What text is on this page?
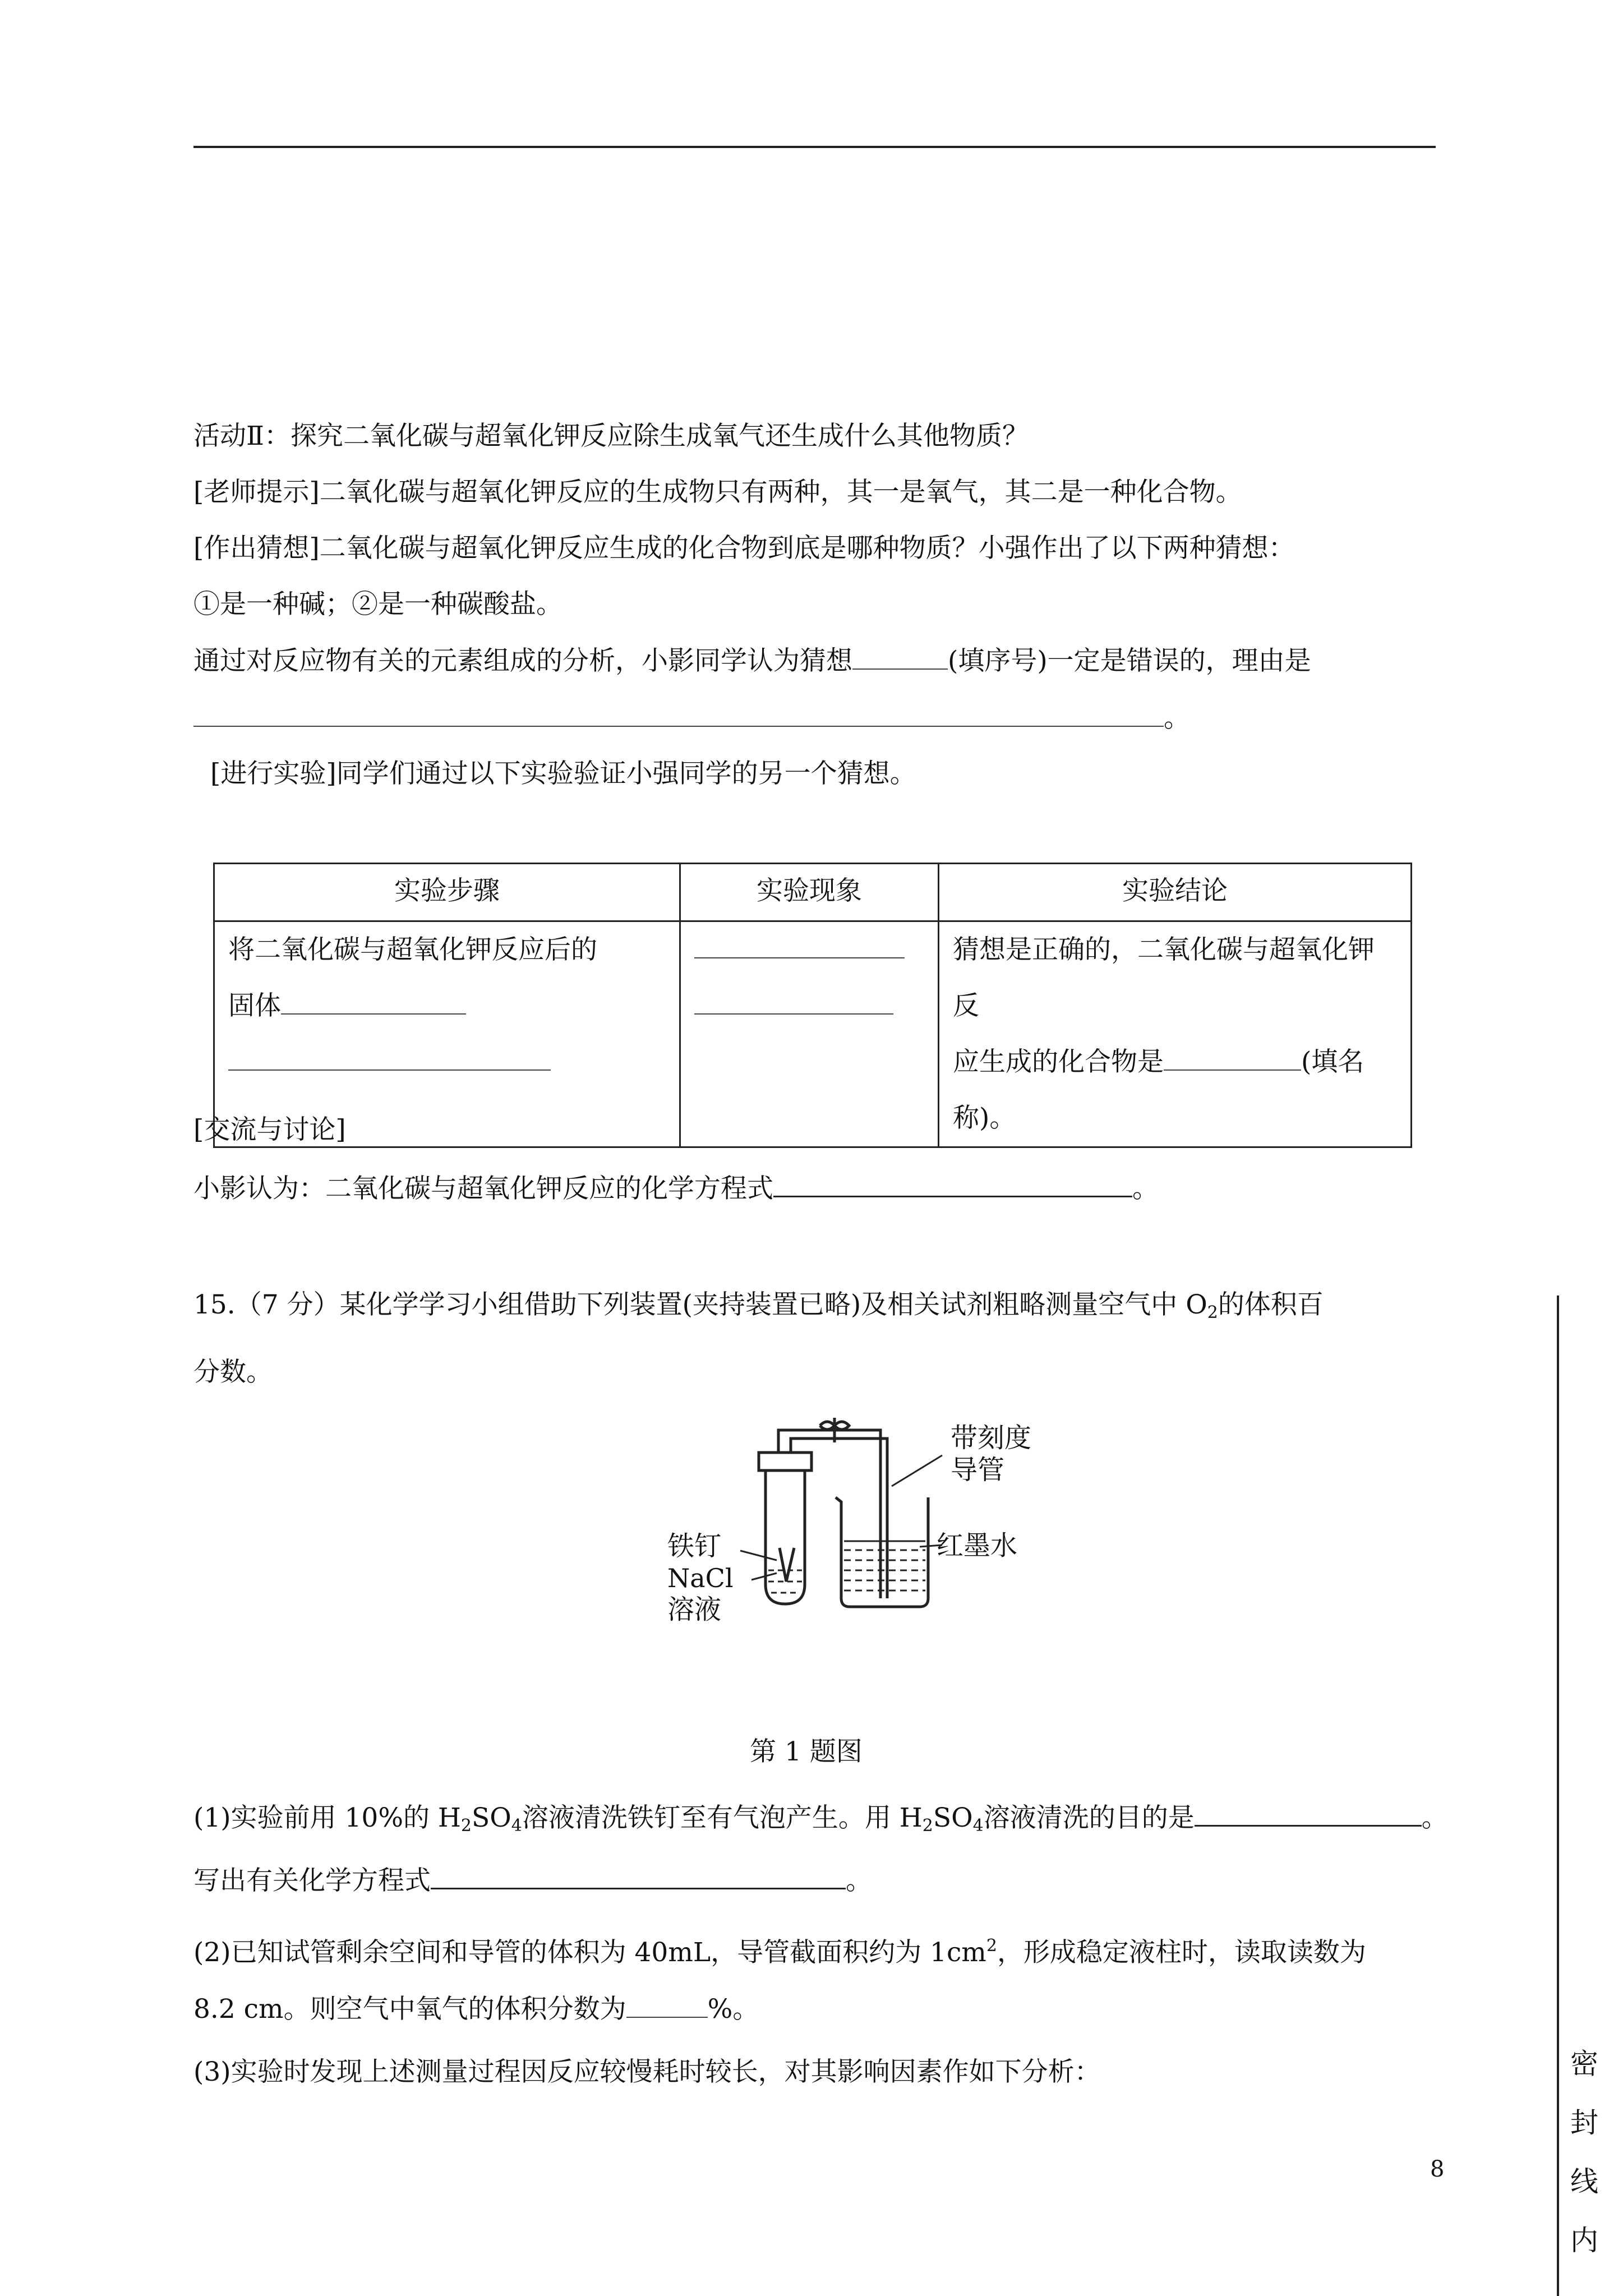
活动Ⅱ：探究二氧化碳与超氧化钾反应除生成氧气还生成什么其他物质？
[老师提示]二氧化碳与超氧化钾反应的生成物只有两种，其一是氧气，其二是一种化合物。
[作出猜想]二氧化碳与超氧化钾反应生成的化合物到底是哪种物质？小强作出了以下两种猜想：
①是一种碱；②是一种碳酸盐。
通过对反应物有关的元素组成的分析，小影同学认为猜想	(填序号)一定是错误的，理由是
。
[进行实验]同学们通过以下实验验证小强同学的另一个猜想。
实验步骤	实验现象	实验结论

将二氧化碳与超氧化钾反应后的
固体		猜想是正确的，二氧化碳与超氧化钾反
应生成的化合物是 (填名
称)。
[交流与讨论]
小影认为：二氧化碳与超氧化钾反应的化学方程式	。
15.（7 分）某化学学习小组借助下列装置(夹持装置已略)及相关试剂粗略测量空气中 $O_2$的体积百
分数。
带刻度
导管
铁钉	红墨水
NaCl
溶液
第 1 题图
(1)实验前用 10%的 $H_2SO_4$溶液清洗铁钉至有气泡产生。用 $H_2SO_4$溶液清洗的目的是	。
写出有关化学方程式	。
(2)已知试管剩余空间和导管的体积为 40mL，导管截面积约为 $1cm^2$，形成稳定液柱时，读取读数为
8.2 cm。则空气中氧气的体积分数为	%。
(3)实验时发现上述测量过程因反应较慢耗时较长，对其影响因素作如下分析：
8
密
封
线
内
